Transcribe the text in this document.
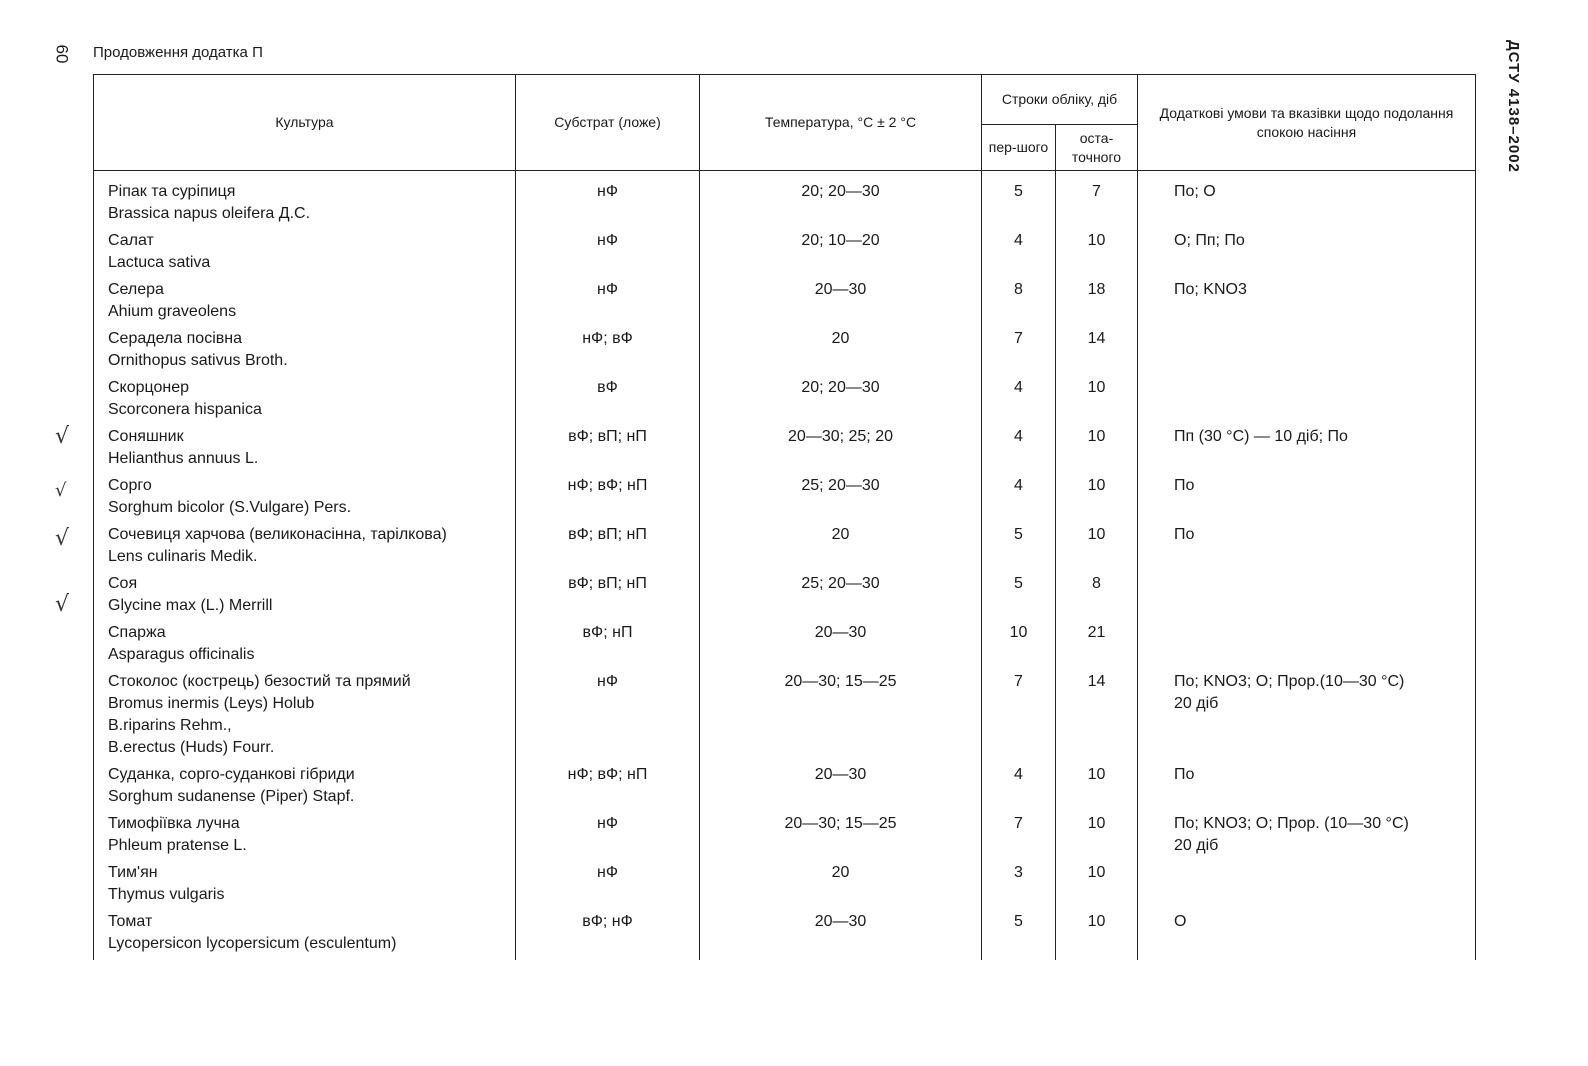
60 Продовження додатка П	ДСТУ 4138–2002
Культура	Субстрат (ложе)	Температура, °С ± 2 °С	Строки обліку, діб		Додаткові умови та вказівки щодо подолання спокою насіння
			пер-шого	оста-точного	
Ріпак та суріпиця
Brassica napus oleifera Д.С.	нФ	20; 20—30	5	7	По; О
Салат
Lactuca sativa	нФ	20; 10—20	4	10	О; Пп; По
Селера
Ahium graveolens	нФ	20—30	8	18	По; KNO3
Серадела посівна
Ornithopus sativus Broth.	нФ; вФ	20	7	14	
Скорцонер
Scorconera hispanica	вФ	20; 20—30	4	10	
Соняшник
Helianthus annuus L.	вФ; вП; нП	20—30; 25; 20	4	10	Пп (30 °С) — 10 діб; По
Сорго
Sorghum bicolor (S.Vulgare) Pers.	нФ; вФ; нП	25; 20—30	4	10	По
Сочевиця харчова (великонасінна, тарілкова)
Lens culinaris Medik.	вФ; вП; нП	20	5	10	По
Соя
Glycine max (L.) Merrill	вФ; вП; нП	25; 20—30	5	8	
Спаржа
Asparagus officinalis	вФ; нП	20—30	10	21	
Стоколос (кострець) безостий та прямий
Bromus inermis (Leys) Holub
B.riparins Rehm.,
B.erectus (Huds) Fourr.	нФ	20—30; 15—25	7	14	По; KNO3; О; Прор.(10—30 °С)
20 діб

Суданка, сорго-суданкові гібриди
Sorghum sudanense (Piper) Stapf.	нФ; вФ; нП	20—30	4	10	По
Тимофіївка лучна
Phleum pratense L.	нФ	20—30; 15—25	7	10	По; KNO3; О; Прор. (10—30 °С)
20 діб

Тим'ян
Thymus vulgaris	нФ	20	3	10	
Томат
Lycopersicon lycopersicum (esculentum)	вФ; нФ	20—30	5	10	О
√
√
√
√
